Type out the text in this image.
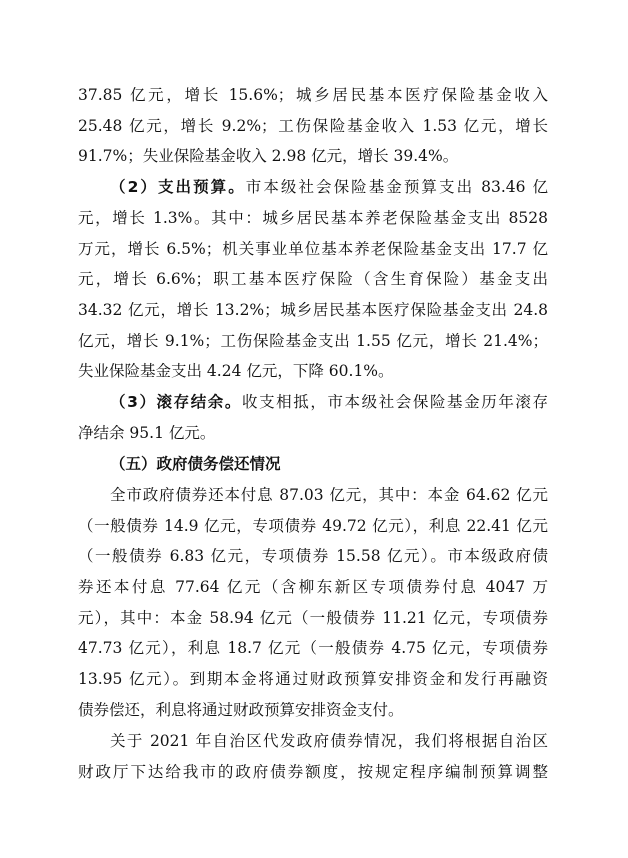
37.85 亿元，增长 15.6%；城乡居民基本医疗保险基金收入
25.48 亿元，增长 9.2%；工伤保险基金收入 1.53 亿元，增长
91.7%；失业保险基金收入 2.98 亿元，增长 39.4%。
（2）支出预算。市本级社会保险基金预算支出 83.46 亿
元，增长 1.3%。其中：城乡居民基本养老保险基金支出 8528
万元，增长 6.5%；机关事业单位基本养老保险基金支出 17.7 亿
元，增长 6.6%；职工基本医疗保险（含生育保险）基金支出
34.32 亿元，增长 13.2%；城乡居民基本医疗保险基金支出 24.8
亿元，增长 9.1%；工伤保险基金支出 1.55 亿元，增长 21.4%；
失业保险基金支出 4.24 亿元，下降 60.1%。
（3）滚存结余。收支相抵，市本级社会保险基金历年滚存
净结余 95.1 亿元。
（五）政府债务偿还情况
全市政府债券还本付息 87.03 亿元，其中：本金 64.62 亿元
（一般债券 14.9 亿元，专项债券 49.72 亿元），利息 22.41 亿元
（一般债券 6.83 亿元，专项债券 15.58 亿元）。市本级政府债
券还本付息 77.64 亿元（含柳东新区专项债券付息 4047 万
元），其中：本金 58.94 亿元（一般债券 11.21 亿元，专项债券
47.73 亿元），利息 18.7 亿元（一般债券 4.75 亿元，专项债券
13.95 亿元）。到期本金将通过财政预算安排资金和发行再融资
债券偿还，利息将通过财政预算安排资金支付。
关于 2021 年自治区代发政府债券情况，我们将根据自治区
财政厅下达给我市的政府债券额度，按规定程序编制预算调整
